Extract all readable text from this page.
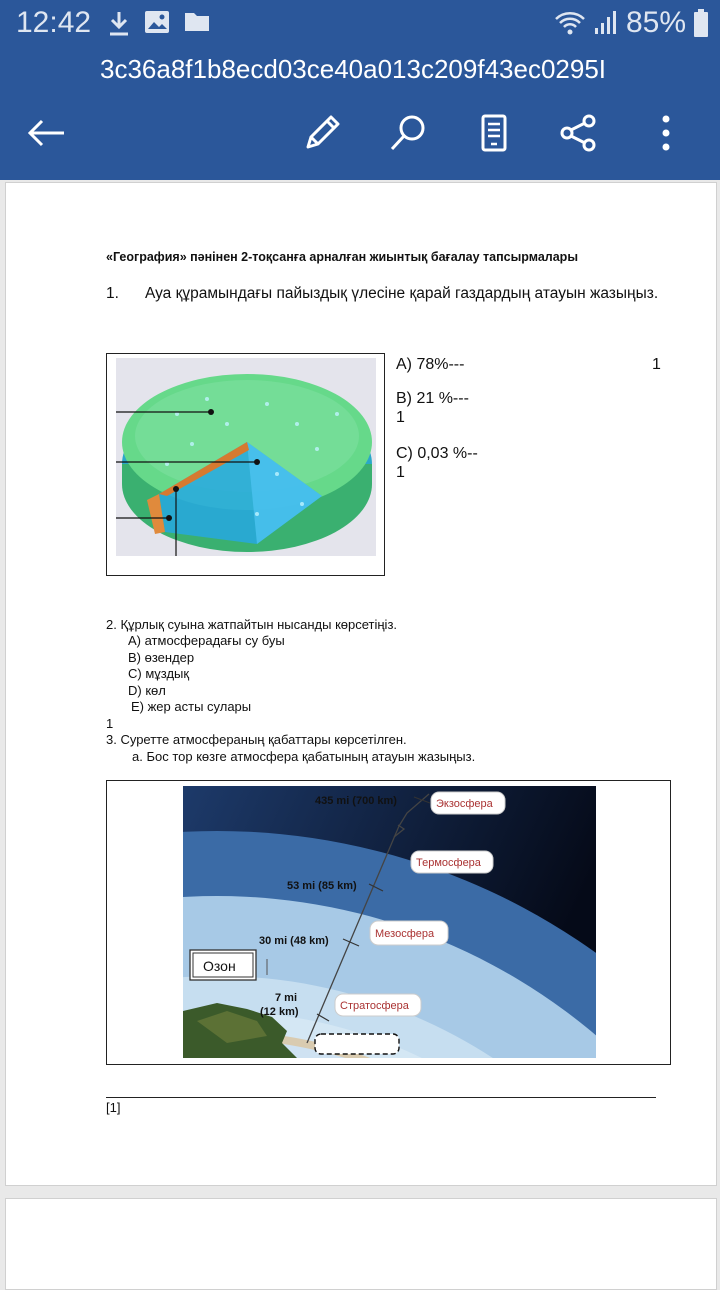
12:42	85%
3c36a8f1b8ecd03ce40a013c209f43ec0295I
«География» пәнінен 2-тоқсанға арналған жиынтық бағалау тапсырмалары
1. Ауа құрамындағы пайыздық үлесіне қарай газдардың атауын жазыңыз.
А) 78%---	1
В) 21 %---
1
С) 0,03 %--
1
2. Құрлық суына жатпайтын нысанды көрсетіңіз.
А) атмосферадағы су буы
В) өзендер
С) мұздық
D) көл
Е) жер асты сулары
1
3. Суретте атмосфераның қабаттары көрсетілген.
а. Бос тор көзге атмосфера қабатының атауын жазыңыз.
435 mi (700 km)
53 mi (85 km)
30 mi (48 km)
7 mi
(12 km)
Экзосфера
Термосфера
Мезосфера
Стратосфера
Озон
[1]
